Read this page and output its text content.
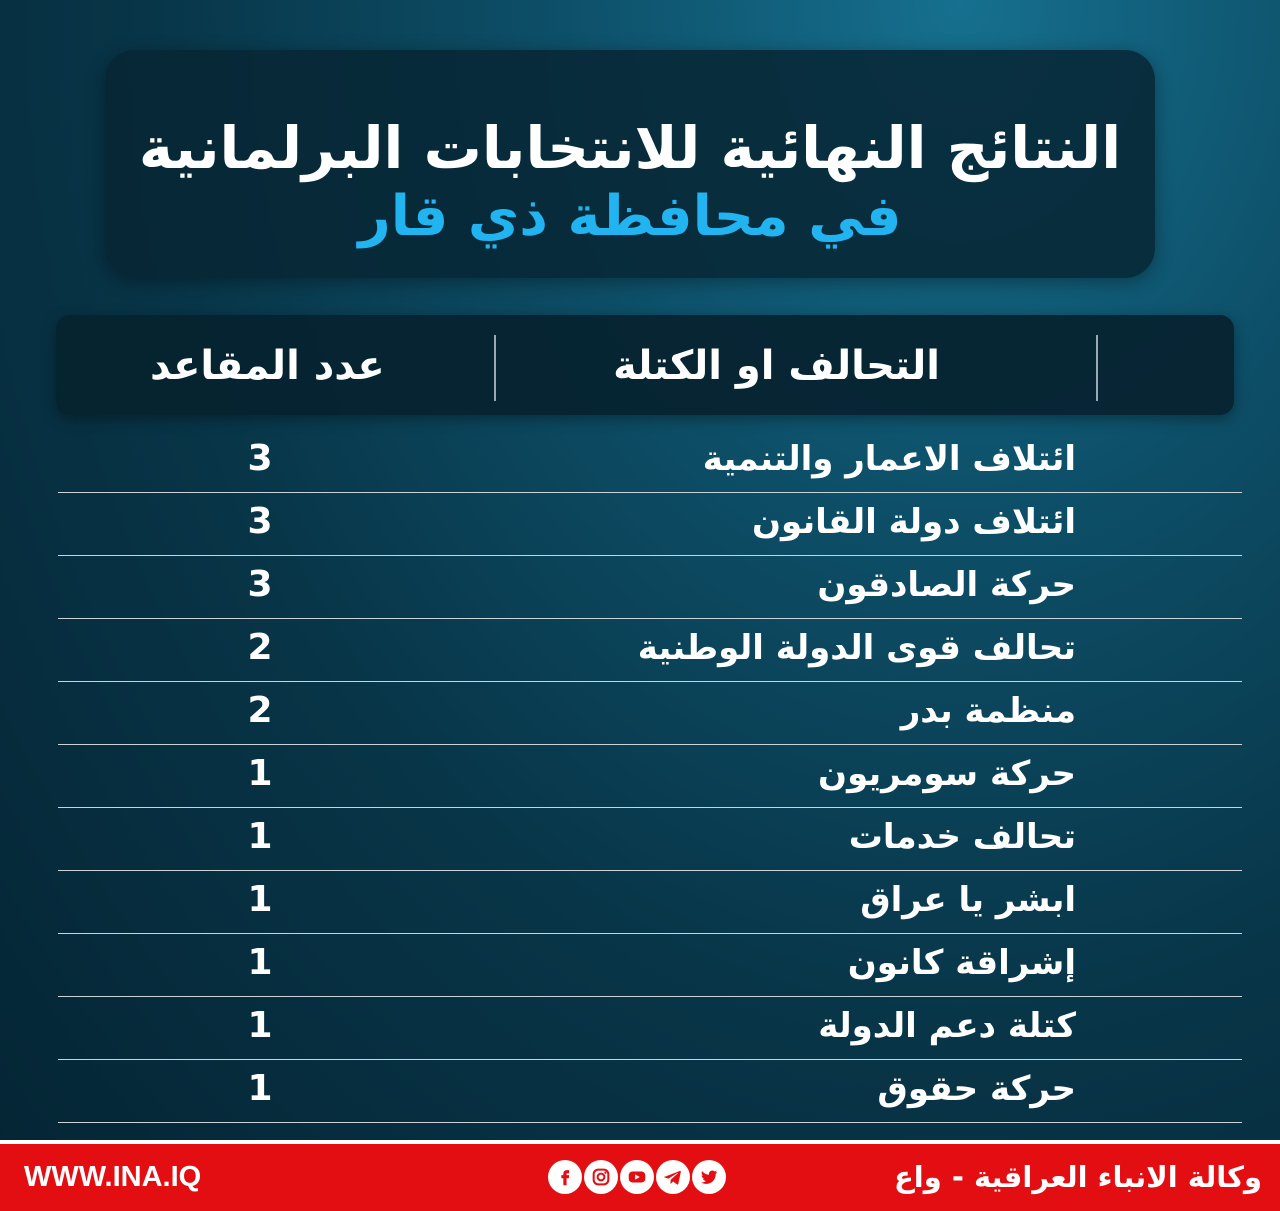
النتائج النهائية للانتخابات البرلمانية
في محافظة ذي قار
التحالف او الكتلة
عدد المقاعد
ائتلاف الاعمار والتنمية
3
ائتلاف دولة القانون
3
حركة الصادقون
3
تحالف قوى الدولة الوطنية
2
منظمة بدر
2
حركة سومريون
1
تحالف خدمات
1
ابشر يا عراق
1
إشراقة كانون
1
كتلة دعم الدولة
1
حركة حقوق
1
WWW.INA.IQ	وكالة الانباء العراقية - واع
